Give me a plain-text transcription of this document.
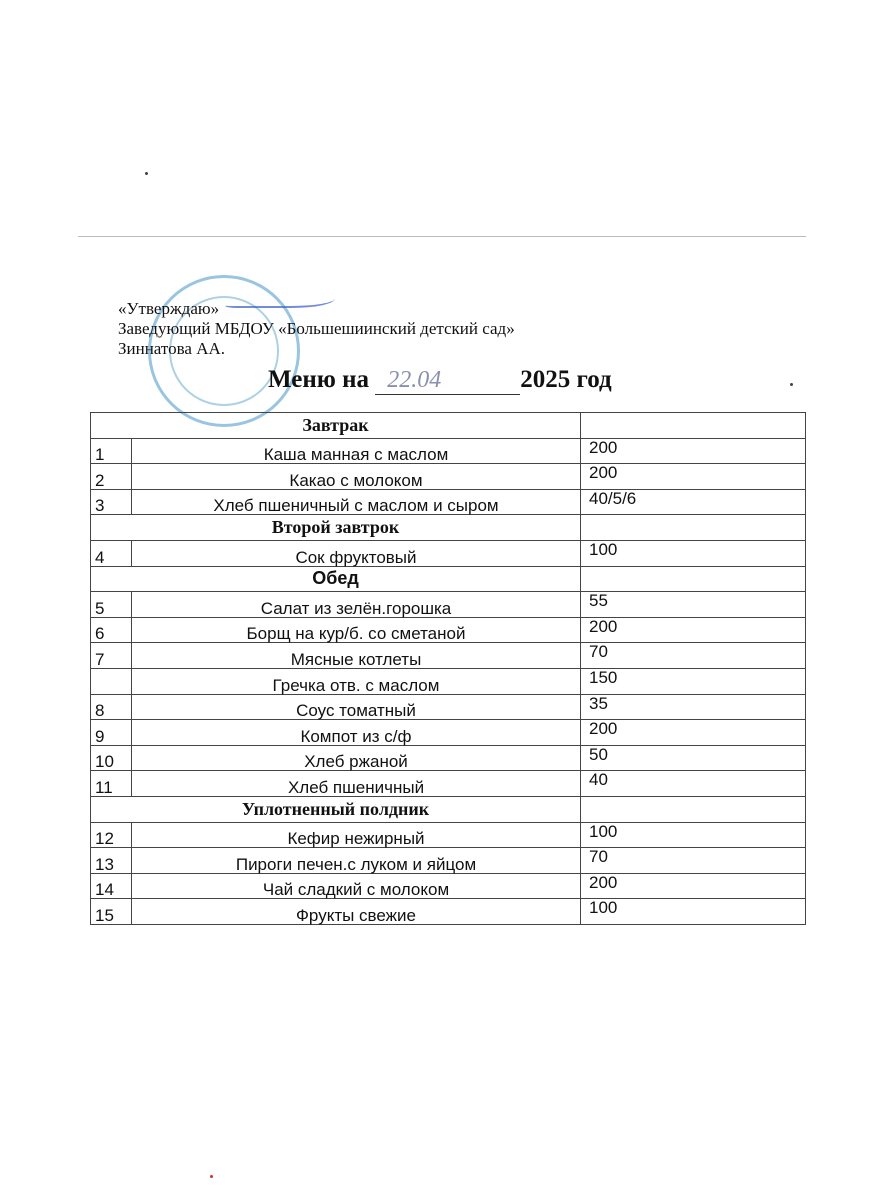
«Утверждаю»
Заведующий МБДОУ «Большешиинский детский сад»
Зиннатова АА.
Меню на 22.04	2025 год
Завтрак		
1	Каша манная с маслом	200
2	Какао с молоком	200
3	Хлеб пшеничный с маслом и сыром	40/5/6
Второй завтрок		
4	Сок фруктовый	100
Обед		
5	Салат из зелён.горошка	55
6	Борщ на кур/б. со сметаной	200
7	Мясные котлеты	70
	Гречка отв. с маслом	150
8	Соус томатный	35
9	Компот из с/ф	200
10	Хлеб ржаной	50
11	Хлеб пшеничный	40
Уплотненный полдник		
12	Кефир нежирный	100
13	Пироги печен.с луком и яйцом	70
14	Чай сладкий с молоком	200
15	Фрукты свежие	100
